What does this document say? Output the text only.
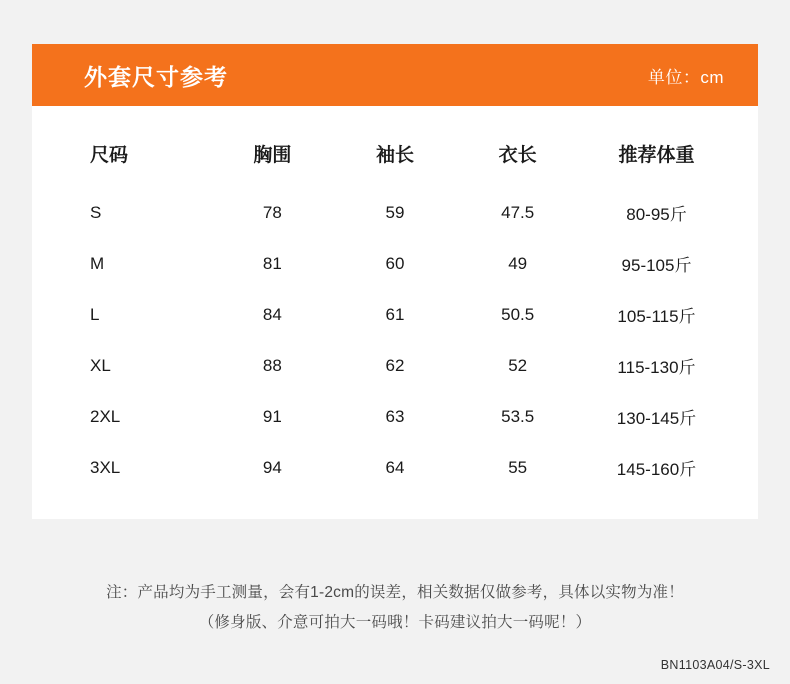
外套尺寸参考	单位：cm
尺码	胸围	袖长	衣长	推荐体重
S	78	59	47.5	80-95斤
M	81	60	49	95-105斤
L	84	61	50.5	105-115斤
XL	88	62	52	115-130斤
2XL	91	63	53.5	130-145斤
3XL	94	64	55	145-160斤
注：产品均为手工测量，会有1-2cm的误差，相关数据仅做参考，具体以实物为准！
（修身版、介意可拍大一码哦！卡码建议拍大一码呢！）
BN1103A04/S-3XL
